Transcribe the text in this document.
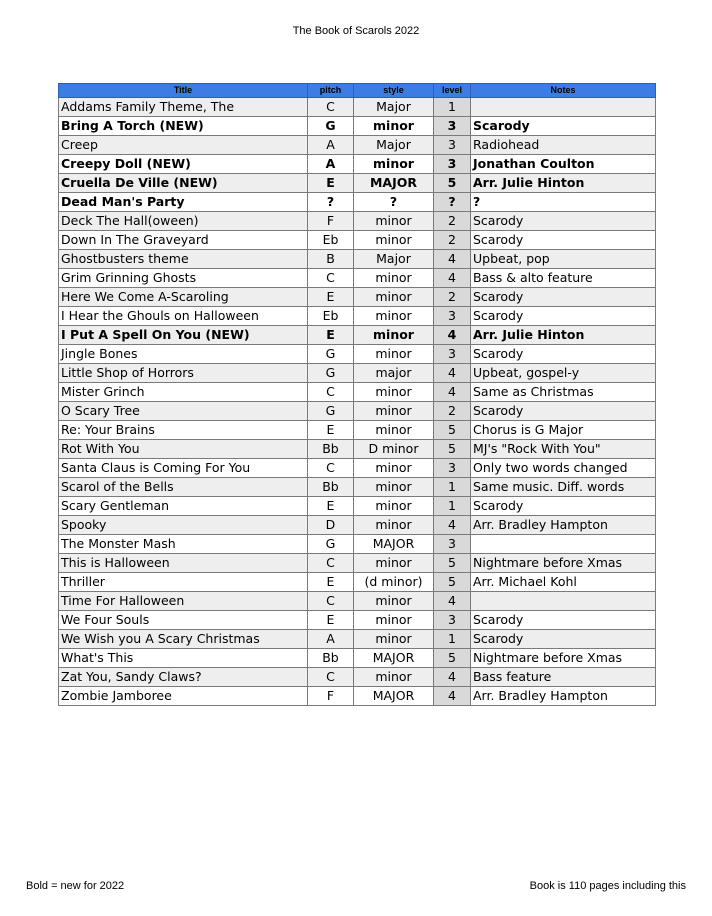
The Book of Scarols 2022
Title	pitch	style	level	Notes
Addams Family Theme, The	C	Major	1	
Bring A Torch (NEW)	G	minor	3	Scarody
Creep	A	Major	3	Radiohead
Creepy Doll (NEW)	A	minor	3	Jonathan Coulton
Cruella De Ville (NEW)	E	MAJOR	5	Arr. Julie Hinton
Dead Man's Party	?	?	?	?
Deck The Hall(oween)	F	minor	2	Scarody
Down In The Graveyard	Eb	minor	2	Scarody
Ghostbusters theme	B	Major	4	Upbeat, pop
Grim Grinning Ghosts	C	minor	4	Bass & alto feature
Here We Come A-Scaroling	E	minor	2	Scarody
I Hear the Ghouls on Halloween	Eb	minor	3	Scarody
I Put A Spell On You (NEW)	E	minor	4	Arr. Julie Hinton
Jingle Bones	G	minor	3	Scarody
Little Shop of Horrors	G	major	4	Upbeat, gospel-y
Mister Grinch	C	minor	4	Same as Christmas
O Scary Tree	G	minor	2	Scarody
Re: Your Brains	E	minor	5	Chorus is G Major
Rot With You	Bb	D minor	5	MJ's "Rock With You"
Santa Claus is Coming For You	C	minor	3	Only two words changed
Scarol of the Bells	Bb	minor	1	Same music. Diff. words
Scary Gentleman	E	minor	1	Scarody
Spooky	D	minor	4	Arr. Bradley Hampton
The Monster Mash	G	MAJOR	3	
This is Halloween	C	minor	5	Nightmare before Xmas
Thriller	E	(d minor)	5	Arr. Michael Kohl
Time For Halloween	C	minor	4	
We Four Souls	E	minor	3	Scarody
We Wish you A Scary Christmas	A	minor	1	Scarody
What's This	Bb	MAJOR	5	Nightmare before Xmas
Zat You, Sandy Claws?	C	minor	4	Bass feature
Zombie Jamboree	F	MAJOR	4	Arr. Bradley Hampton
Bold = new for 2022	Book is 110 pages including this
